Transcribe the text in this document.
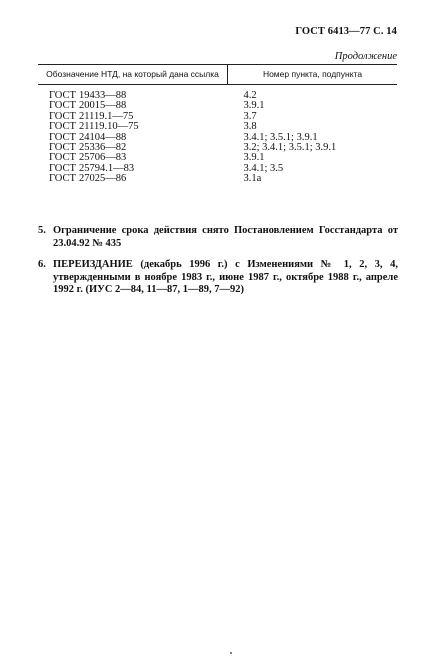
ГОСТ 6413—77 С. 14
Продолжение
Обозначение НТД, на который дана ссылка	Номер пункта, подпункта
ГОСТ 19433—88	4.2
ГОСТ 20015—88	3.9.1
ГОСТ 21119.1—75	3.7
ГОСТ 21119.10—75	3.8
ГОСТ 24104—88	3.4.1; 3.5.1; 3.9.1
ГОСТ 25336—82	3.2; 3.4.1; 3.5.1; 3.9.1
ГОСТ 25706—83	3.9.1
ГОСТ 25794.1—83	3.4.1; 3.5
ГОСТ 27025—86	3.1а
5. Ограничение срока действия снято Постановлением Госстандарта от 23.04.92 № 435
6. ПЕРЕИЗДАНИЕ (декабрь 1996 г.) с Изменениями № 1, 2, 3, 4, утвержденными в ноябре 1983 г., июне 1987 г., октябре 1988 г., апреле 1992 г. (ИУС 2—84, 11—87, 1—89, 7—92)
